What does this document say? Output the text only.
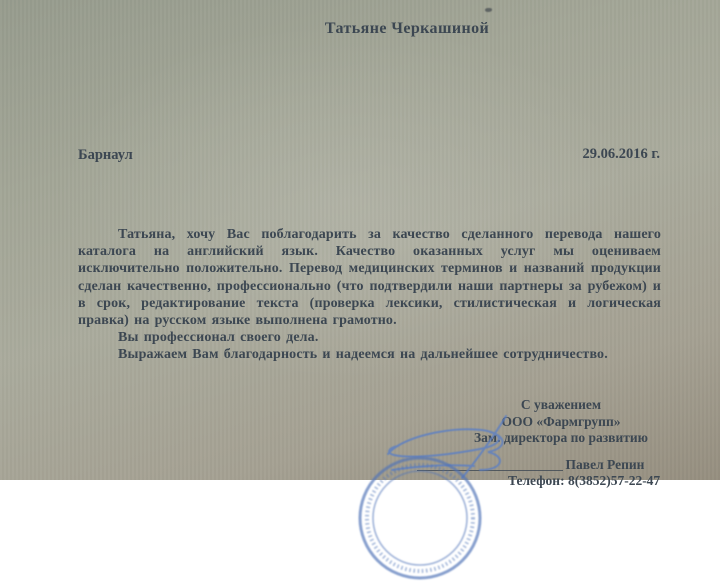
Татьяне Черкашиной
Барнаул	29.06.2016 г.

Татьяна, хочу Вас поблагодарить за качество сделанного перевода нашего каталога на английский язык. Качество оказанных услуг мы оцениваем исключительно положительно. Перевод медицинских терминов и названий продукции сделан качественно, профессионально (что подтвердили наши партнеры за рубежом) и в срок, редактирование текста (проверка лексики, стилистическая и логическая правка) на русском языке выполнена грамотно.

Вы профессионал своего дела.

Выражаем Вам благодарность и надеемся на дальнейшее сотрудничество.

С уважением
ООО «Фармгрупп»
Зам. директора по развитию
Павел Репин
Телефон: 8(3852)57-22-47
